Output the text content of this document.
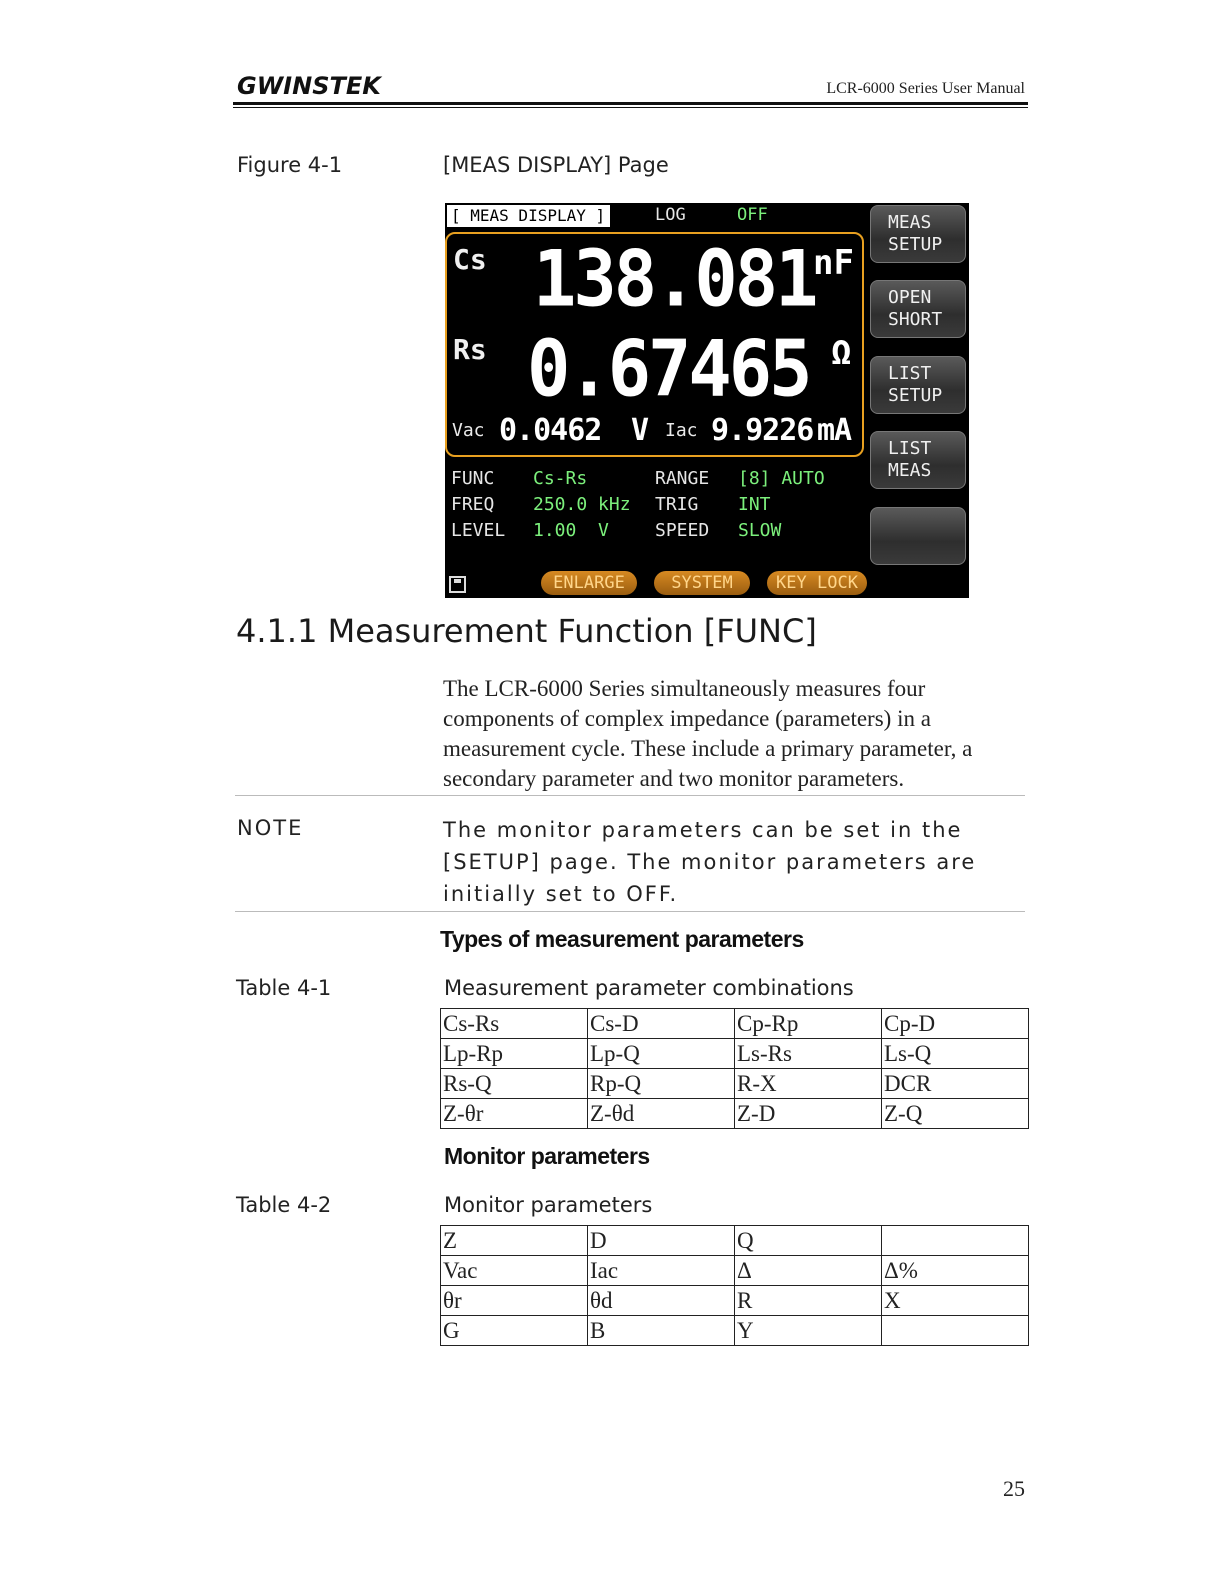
GWINSTEK	LCR-6000 Series User Manual
Figure 4-1	[MEAS DISPLAY] Page
[ MEAS DISPLAY ]	LOG	OFF
Cs 138.081
nF
Rs 0.67465 Ω
Vac 0.0462 V Iac 9.9226 mA
FUNC Cs-Rs
FREQ 250.0 kHz
LEVEL 1.00  V
RANGE [8] AUTO
TRIG INT
SPEED SLOW
MEAS
SETUP
OPEN
SHORT
LIST
SETUP
LIST
MEAS
ENLARGE	SYSTEM	KEY LOCK
4.1.1 Measurement Function [FUNC]
The LCR-6000 Series simultaneously measures four components of complex impedance (parameters) in a measurement cycle. These include a primary parameter, a secondary parameter and two monitor parameters.
NOTE	The monitor parameters can be set in the [SETUP] page. The monitor parameters are initially set to OFF.
Types of measurement parameters
Table 4-1	Measurement parameter combinations
Cs-Rs	Cs-D	Cp-Rp	Cp-D
Lp-Rp	Lp-Q	Ls-Rs	Ls-Q
Rs-Q	Rp-Q	R-X	DCR
Z-θr	Z-θd	Z-D	Z-Q
Monitor parameters
Table 4-2	Monitor parameters
Z	D	Q	
Vac	Iac	Δ	Δ%
θr	θd	R	X
G	B	Y	
25
